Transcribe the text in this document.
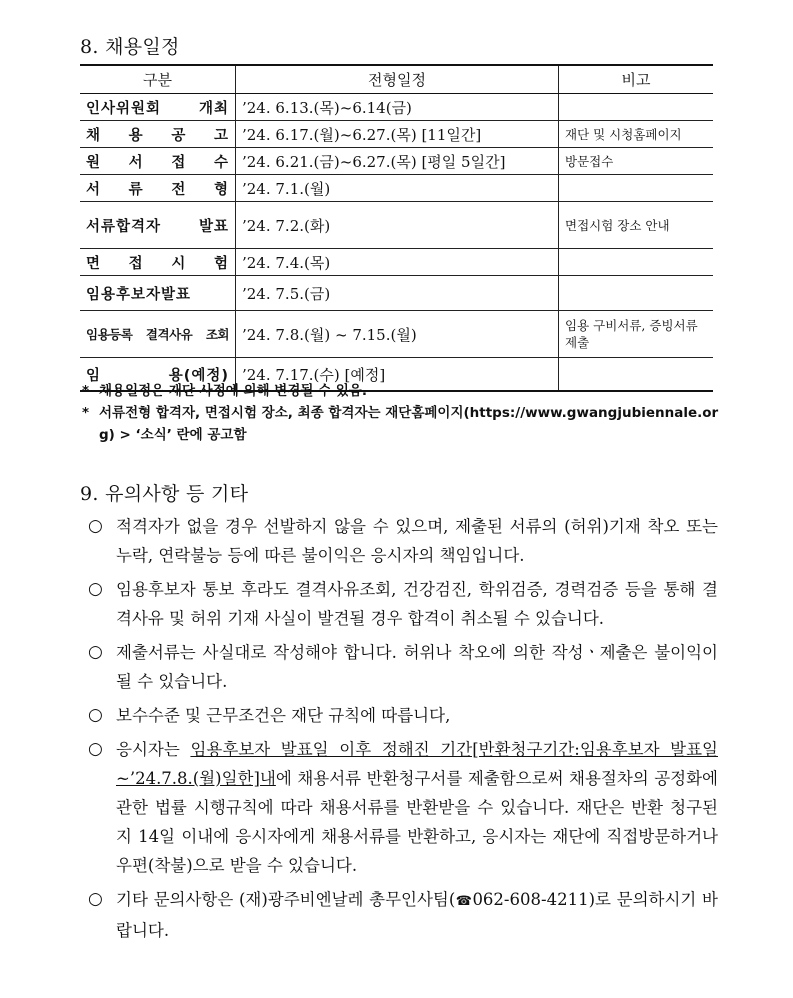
8. 채용일정
구분	전형일정	비고
인사위원회 개최	’24. 6.13.(목)~6.14(금)	
채 용 공 고	’24. 6.17.(월)~6.27.(목) [11일간]	재단 및 시청홈페이지
원 서 접 수	’24. 6.21.(금)~6.27.(목) [평일 5일간]	방문접수
서 류 전 형	’24. 7.1.(월)	
서류합격자 발표	’24. 7.2.(화)	면접시험 장소 안내
면 접 시 험	’24. 7.4.(목)	
임용후보자발표	’24. 7.5.(금)	
임용등록 결격사유 조회	’24. 7.8.(월) ~ 7.15.(월)	임용 구비서류, 증빙서류 제출
임 용(예정)	’24. 7.17.(수) [예정]	
* 채용일정은 재단 사정에 의해 변경될 수 있음.
* 서류전형 합격자, 면접시험 장소, 최종 합격자는 재단홈페이지(https://www.gwangjubiennale.org) > ‘소식’ 란에 공고함
9. 유의사항 등 기타
○ 적격자가 없을 경우 선발하지 않을 수 있으며, 제출된 서류의 (허위)기재 착오 또는 누락, 연락불능 등에 따른 불이익은 응시자의 책임입니다.
○ 임용후보자 통보 후라도 결격사유조회, 건강검진, 학위검증, 경력검증 등을 통해 결격사유 및 허위 기재 사실이 발견될 경우 합격이 취소될 수 있습니다.
○ 제출서류는 사실대로 작성해야 합니다. 허위나 착오에 의한 작성ㆍ제출은 불이익이 될 수 있습니다.
○ 보수수준 및 근무조건은 재단 규칙에 따릅니다,
○ 응시자는 임용후보자 발표일 이후 정해진 기간[반환청구기간:임용후보자 발표일~’24.7.8.(월)일한]내에 채용서류 반환청구서를 제출함으로써 채용절차의 공정화에 관한 법률 시행규칙에 따라 채용서류를 반환받을 수 있습니다. 재단은 반환 청구된 지 14일 이내에 응시자에게 채용서류를 반환하고, 응시자는 재단에 직접방문하거나 우편(착불)으로 받을 수 있습니다.
○ 기타 문의사항은 (재)광주비엔날레 총무인사팀(☎062-608-4211)로 문의하시기 바랍니다.
